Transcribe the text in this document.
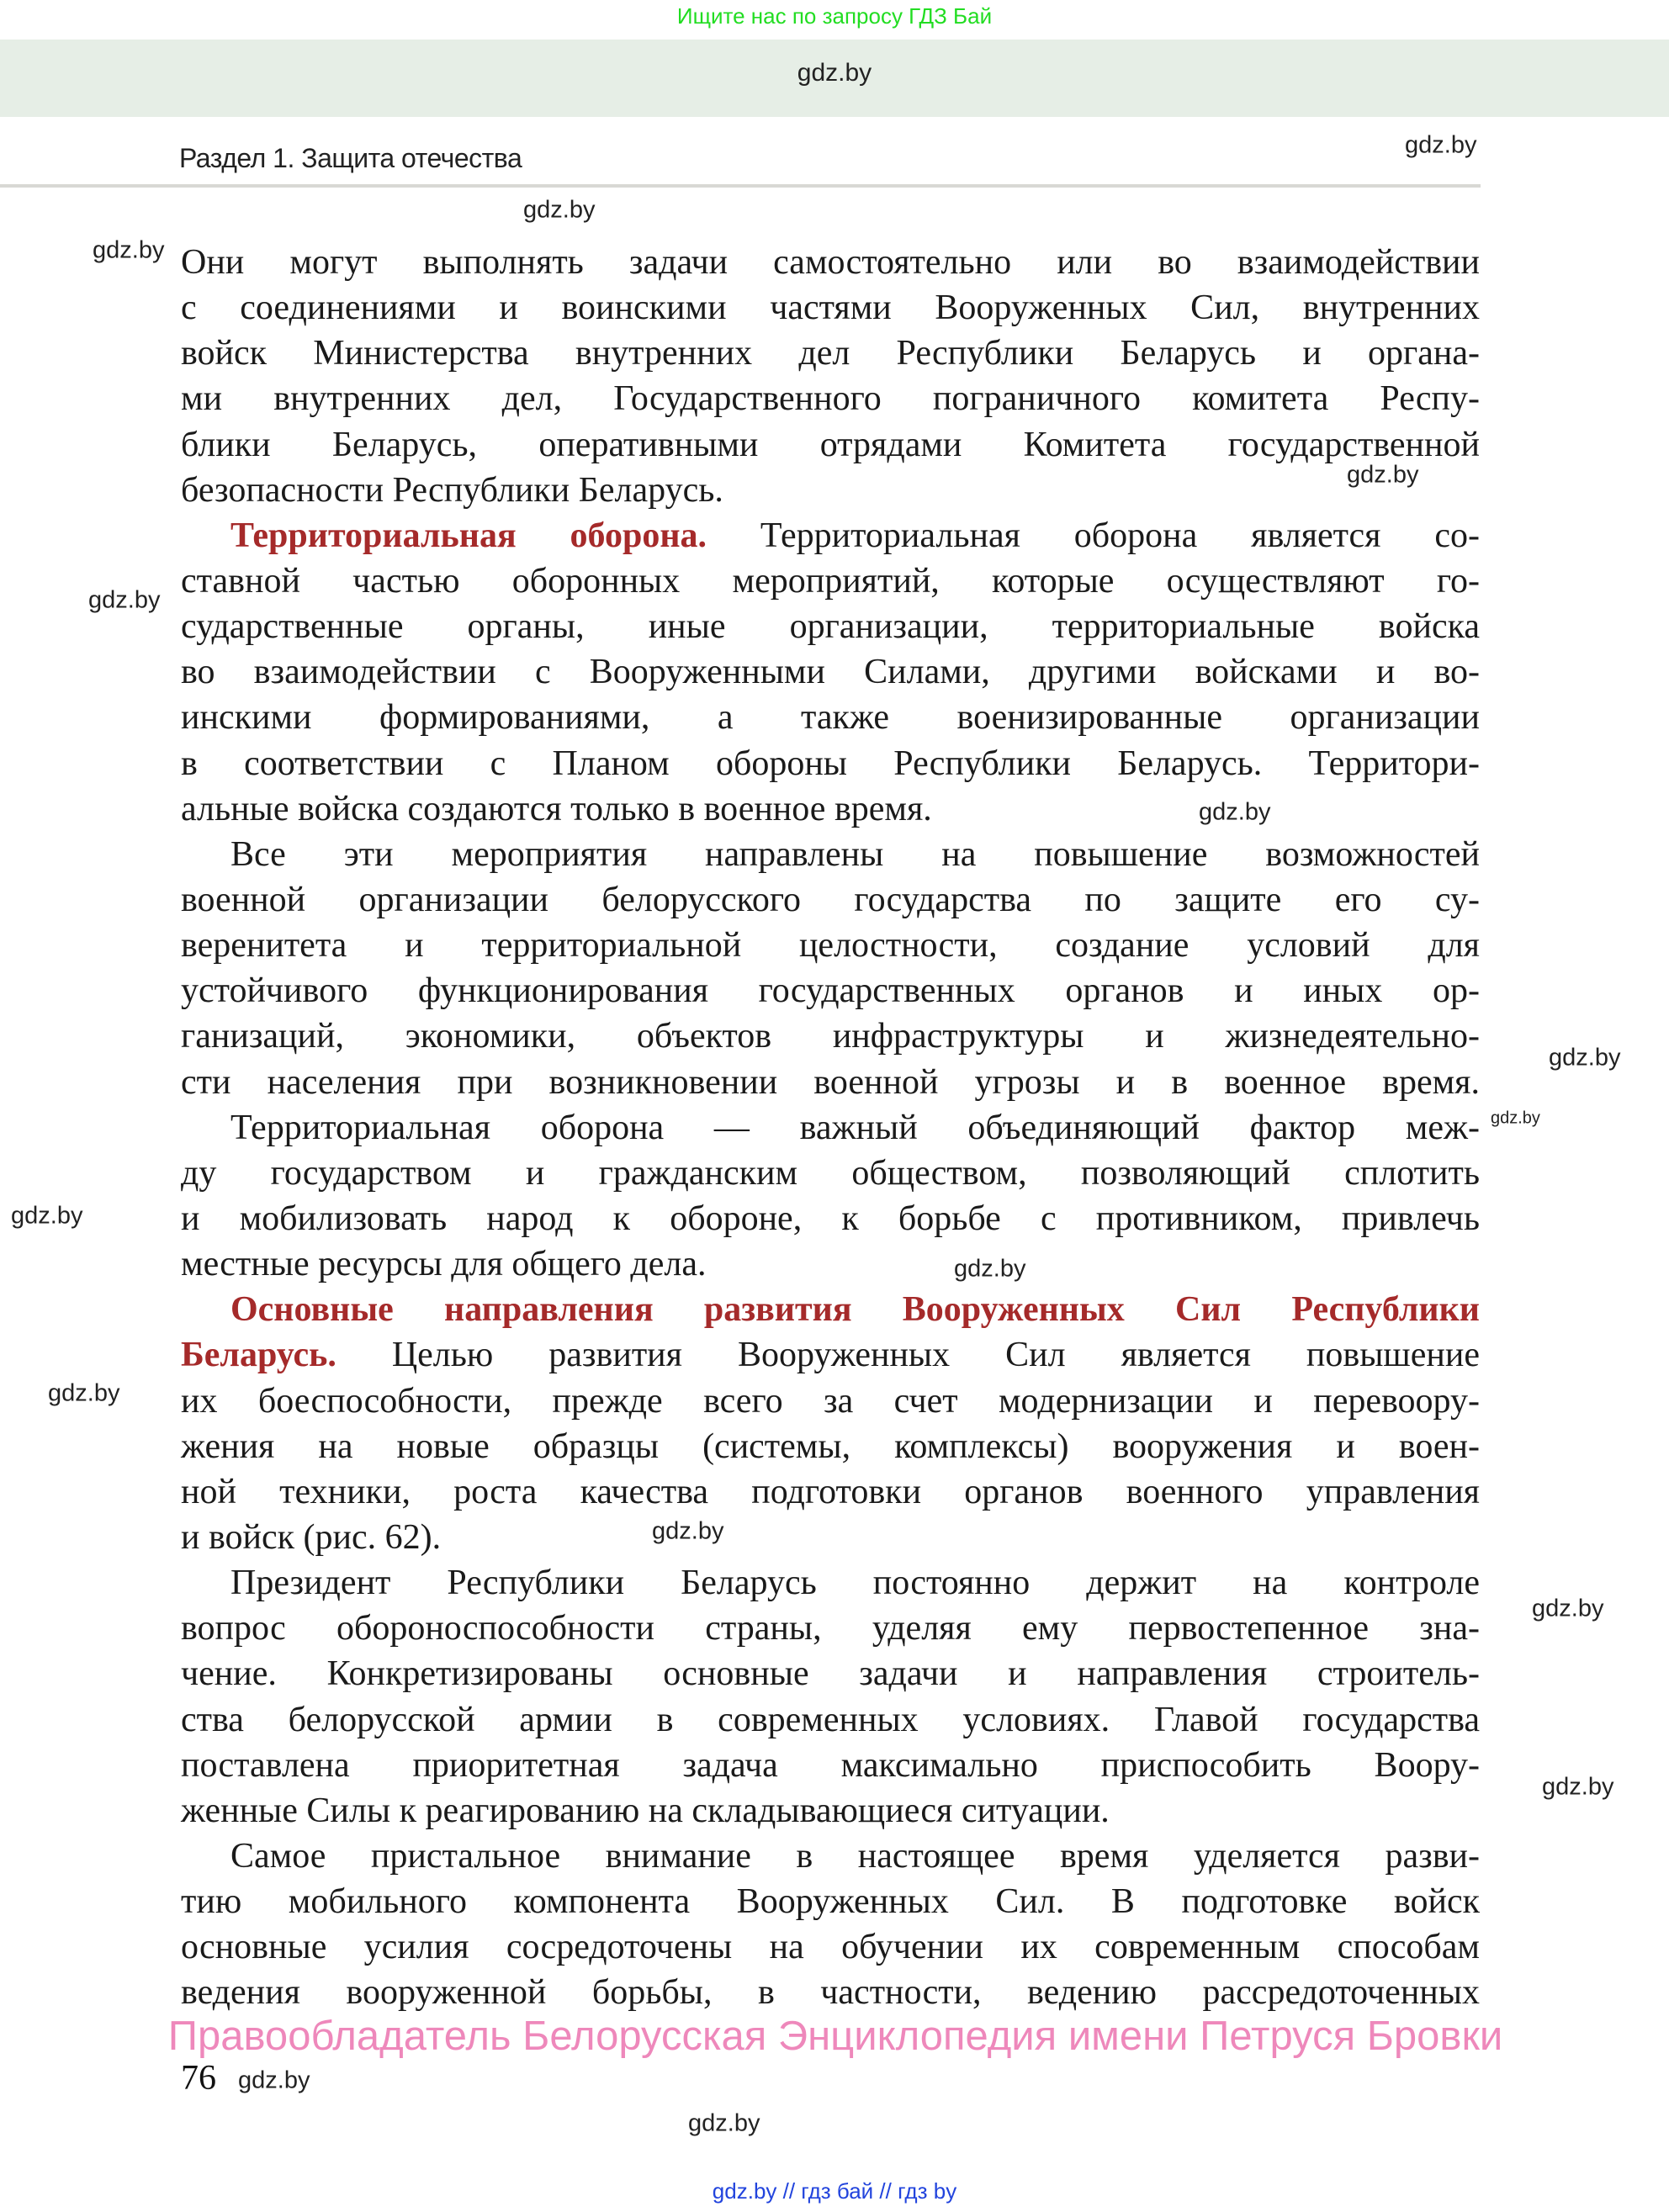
Ищите нас по запросу ГДЗ Бай
gdz.by
Раздел 1. Защита отечества	gdz.by
Они могут выполнять задачи самостоятельно или во взаимодействии
с соединениями и воинскими частями Вооруженных Сил, внутренних
войск Министерства внутренних дел Республики Беларусь и органа-
ми внутренних дел, Государственного пограничного комитета Респу-
блики Беларусь, оперативными отрядами Комитета государственной
безопасности Республики Беларусь.
Территориальная оборона. Территориальная оборона является со-
ставной частью оборонных мероприятий, которые осуществляют го-
сударственные органы, иные организации, территориальные войска
во взаимодействии с Вооруженными Силами, другими войсками и во-
инскими формированиями, а также военизированные организации
в соответствии с Планом обороны Республики Беларусь. Территори-
альные войска создаются только в военное время.
Все эти мероприятия направлены на повышение возможностей
военной организации белорусского государства по защите его су-
веренитета и территориальной целостности, создание условий для
устойчивого функционирования государственных органов и иных ор-
ганизаций, экономики, объектов инфраструктуры и жизнедеятельно-
сти населения при возникновении военной угрозы и в военное время.
Территориальная оборона — важный объединяющий фактор меж-
ду государством и гражданским обществом, позволяющий сплотить
и мобилизовать народ к обороне, к борьбе с противником, привлечь
местные ресурсы для общего дела.
Основные направления развития Вооруженных Сил Республики
Беларусь. Целью развития Вооруженных Сил является повышение
их боеспособности, прежде всего за счет модернизации и перевоору-
жения на новые образцы (системы, комплексы) вооружения и воен-
ной техники, роста качества подготовки органов военного управления
и войск (рис. 62).
Президент Республики Беларусь постоянно держит на контроле
вопрос обороноспособности страны, уделяя ему первостепенное зна-
чение. Конкретизированы основные задачи и направления строитель-
ства белорусской армии в современных условиях. Главой государства
поставлена приоритетная задача максимально приспособить Воору-
женные Силы к реагированию на складывающиеся ситуации.
Самое пристальное внимание в настоящее время уделяется разви-
тию мобильного компонента Вооруженных Сил. В подготовке войск
основные усилия сосредоточены на обучении их современным способам
ведения вооруженной борьбы, в частности, ведению рассредоточенных
gdz.by
gdz.by
gdz.by
gdz.by
gdz.by
gdz.by
gdz.by
gdz.by
gdz.by
gdz.by
gdz.by
gdz.by
gdz.by
gdz.by
gdz.by
Правообладатель Белорусская Энциклопедия имени Петруся Бровки
76
gdz.by // гдз бай // гдз by
